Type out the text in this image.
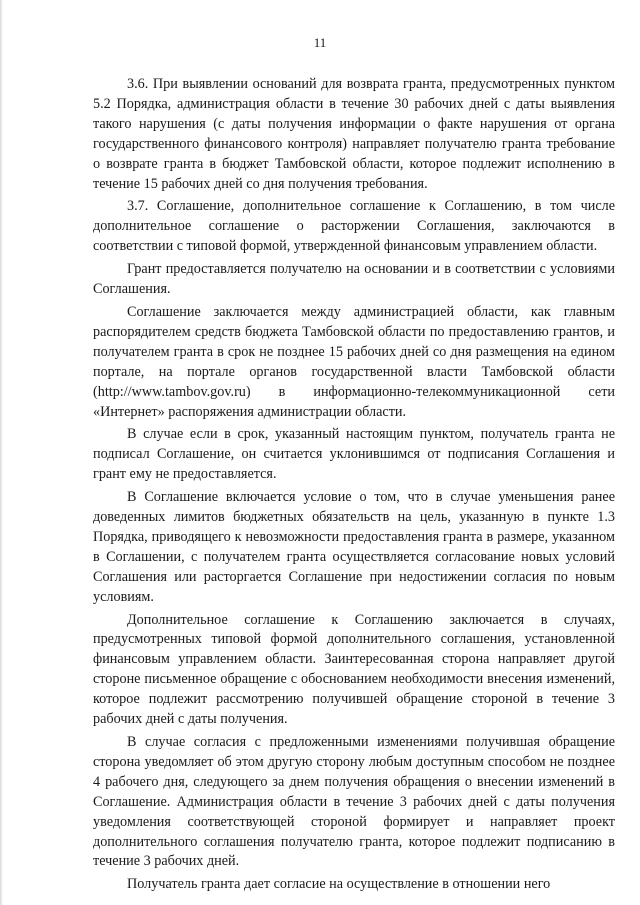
11

3.6. При выявлении оснований для возврата гранта, предусмотренных пунктом 5.2 Порядка, администрация области в течение 30 рабочих дней с даты выявления такого нарушения (с даты получения информации о факте нарушения от органа государственного финансового контроля) направляет получателю гранта требование о возврате гранта в бюджет Тамбовской области, которое подлежит исполнению в течение 15 рабочих дней со дня получения требования.

3.7. Соглашение, дополнительное соглашение к Соглашению, в том числе дополнительное соглашение о расторжении Соглашения, заключаются в соответствии с типовой формой, утвержденной финансовым управлением области.

Грант предоставляется получателю на основании и в соответствии с условиями Соглашения.

Соглашение заключается между администрацией области, как главным распорядителем средств бюджета Тамбовской области по предоставлению грантов, и получателем гранта в срок не позднее 15 рабочих дней со дня размещения на едином портале, на портале органов государственной власти Тамбовской области (http://www.tambov.gov.ru) в информационно-телекоммуникационной сети «Интернет» распоряжения администрации области.

В случае если в срок, указанный настоящим пунктом, получатель гранта не подписал Соглашение, он считается уклонившимся от подписания Соглашения и грант ему не предоставляется.

В Соглашение включается условие о том, что в случае уменьшения ранее доведенных лимитов бюджетных обязательств на цель, указанную в пункте 1.3 Порядка, приводящего к невозможности предоставления гранта в размере, указанном в Соглашении, с получателем гранта осуществляется согласование новых условий Соглашения или расторгается Соглашение при недостижении согласия по новым условиям.

Дополнительное соглашение к Соглашению заключается в случаях, предусмотренных типовой формой дополнительного соглашения, установленной финансовым управлением области. Заинтересованная сторона направляет другой стороне письменное обращение с обоснованием необходимости внесения изменений, которое подлежит рассмотрению получившей обращение стороной в течение 3 рабочих дней с даты получения.

В случае согласия с предложенными изменениями получившая обращение сторона уведомляет об этом другую сторону любым доступным способом не позднее 4 рабочего дня, следующего за днем получения обращения о внесении изменений в Соглашение. Администрация области в течение 3 рабочих дней с даты получения уведомления соответствующей стороной формирует и направляет проект дополнительного соглашения получателю гранта, которое подлежит подписанию в течение 3 рабочих дней.

Получатель гранта дает согласие на осуществление в отношении него
